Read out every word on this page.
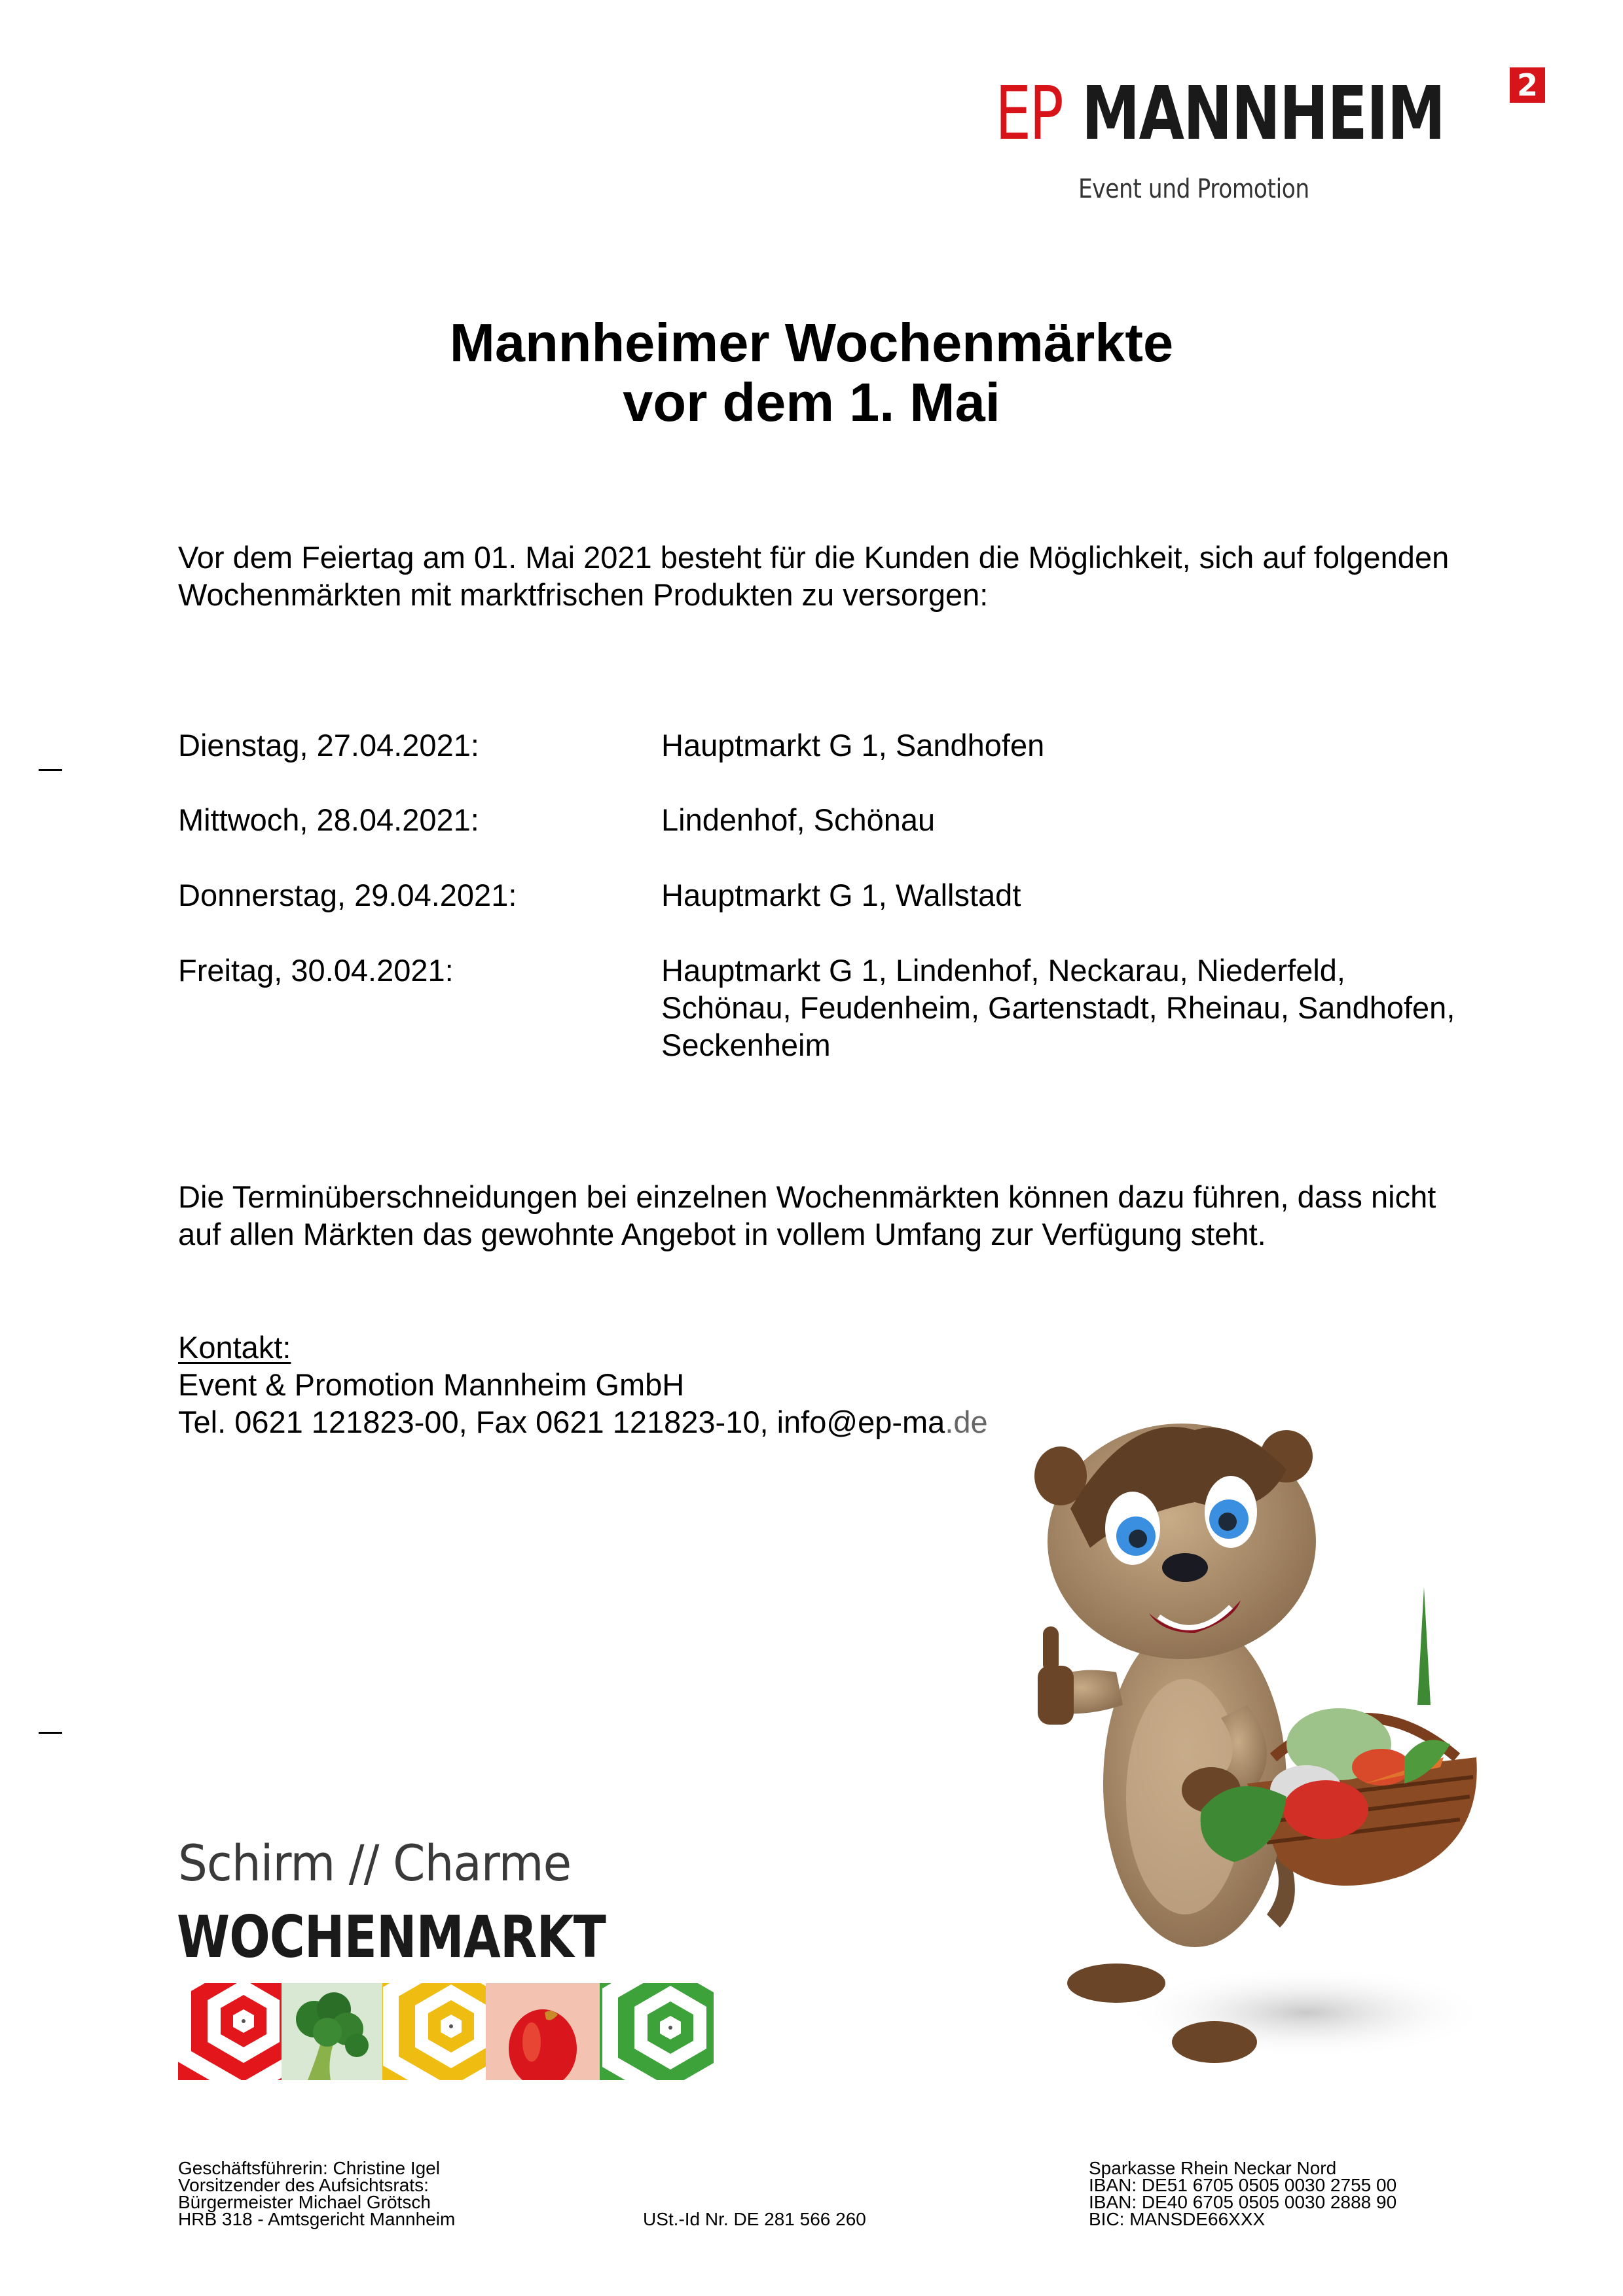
EP MANNHEIM	2
Event und Promotion
Mannheimer Wochenmärkte
vor dem 1. Mai
Vor dem Feiertag am 01. Mai 2021 besteht für die Kunden die Möglichkeit, sich auf folgenden
Wochenmärkten mit marktfrischen Produkten zu versorgen:
Dienstag, 27.04.2021:	Hauptmarkt G 1, Sandhofen
Mittwoch, 28.04.2021:	Lindenhof, Schönau
Donnerstag, 29.04.2021:	Hauptmarkt G 1, Wallstadt
Freitag, 30.04.2021:	Hauptmarkt G 1, Lindenhof, Neckarau, Niederfeld,
Schönau, Feudenheim, Gartenstadt, Rheinau, Sandhofen,
Seckenheim
Die Terminüberschneidungen bei einzelnen Wochenmärkten können dazu führen, dass nicht
auf allen Märkten das gewohnte Angebot in vollem Umfang zur Verfügung steht.
Kontakt:
Event & Promotion Mannheim GmbH
Tel. 0621 121823-00, Fax 0621 121823-10, info@ep-ma.de
Schirm // Charme
WOCHENMARKT
Geschäftsführerin: Christine Igel
Vorsitzender des Aufsichtsrats:
Bürgermeister Michael Grötsch
HRB 318 - Amtsgericht Mannheim	USt.-Id Nr. DE 281 566 260
Sparkasse Rhein Neckar Nord
IBAN: DE51 6705 0505 0030 2755 00
IBAN: DE40 6705 0505 0030 2888 90
BIC: MANSDE66XXX
